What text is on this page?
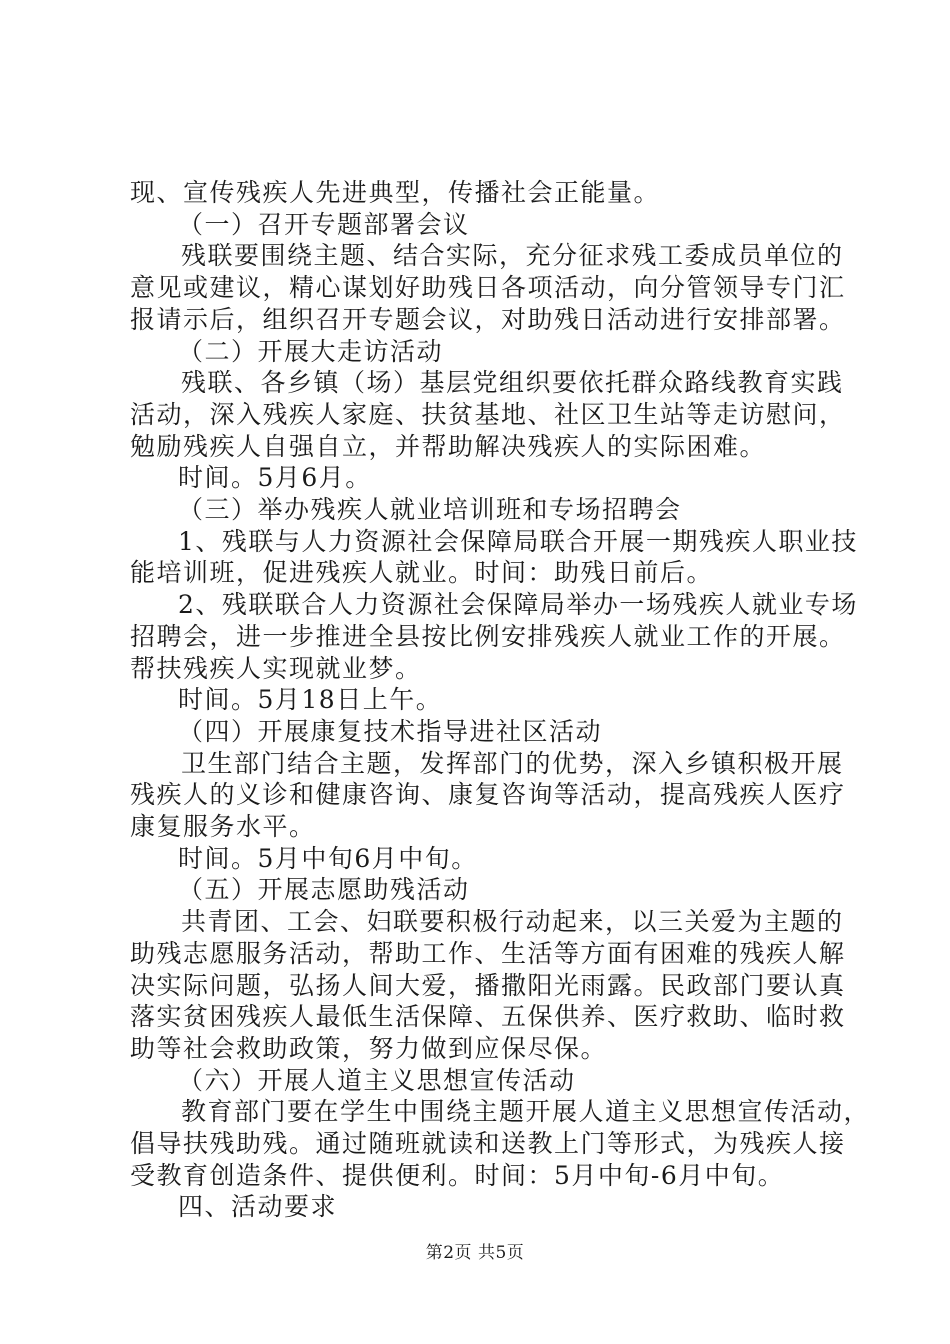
现、宣传残疾人先进典型，传播社会正能量。
（一）召开专题部署会议
残联要围绕主题、结合实际，充分征求残工委成员单位的
意见或建议，精心谋划好助残日各项活动，向分管领导专门汇
报请示后，组织召开专题会议，对助残日活动进行安排部署。
（二）开展大走访活动
残联、各乡镇（场）基层党组织要依托群众路线教育实践
活动，深入残疾人家庭、扶贫基地、社区卫生站等走访慰问，
勉励残疾人自强自立，并帮助解决残疾人的实际困难。
时间。5月6月。
（三）举办残疾人就业培训班和专场招聘会
1、残联与人力资源社会保障局联合开展一期残疾人职业技
能培训班，促进残疾人就业。时间：助残日前后。
2、残联联合人力资源社会保障局举办一场残疾人就业专场
招聘会，进一步推进全县按比例安排残疾人就业工作的开展。
帮扶残疾人实现就业梦。
时间。5月18日上午。
（四）开展康复技术指导进社区活动
卫生部门结合主题，发挥部门的优势，深入乡镇积极开展
残疾人的义诊和健康咨询、康复咨询等活动，提高残疾人医疗
康复服务水平。
时间。5月中旬6月中旬。
（五）开展志愿助残活动
共青团、工会、妇联要积极行动起来，以三关爱为主题的
助残志愿服务活动，帮助工作、生活等方面有困难的残疾人解
决实际问题，弘扬人间大爱，播撒阳光雨露。民政部门要认真
落实贫困残疾人最低生活保障、五保供养、医疗救助、临时救
助等社会救助政策，努力做到应保尽保。
（六）开展人道主义思想宣传活动
教育部门要在学生中围绕主题开展人道主义思想宣传活动，
倡导扶残助残。通过随班就读和送教上门等形式，为残疾人接
受教育创造条件、提供便利。时间：5月中旬-6月中旬。
四、活动要求
第2页 共5页
